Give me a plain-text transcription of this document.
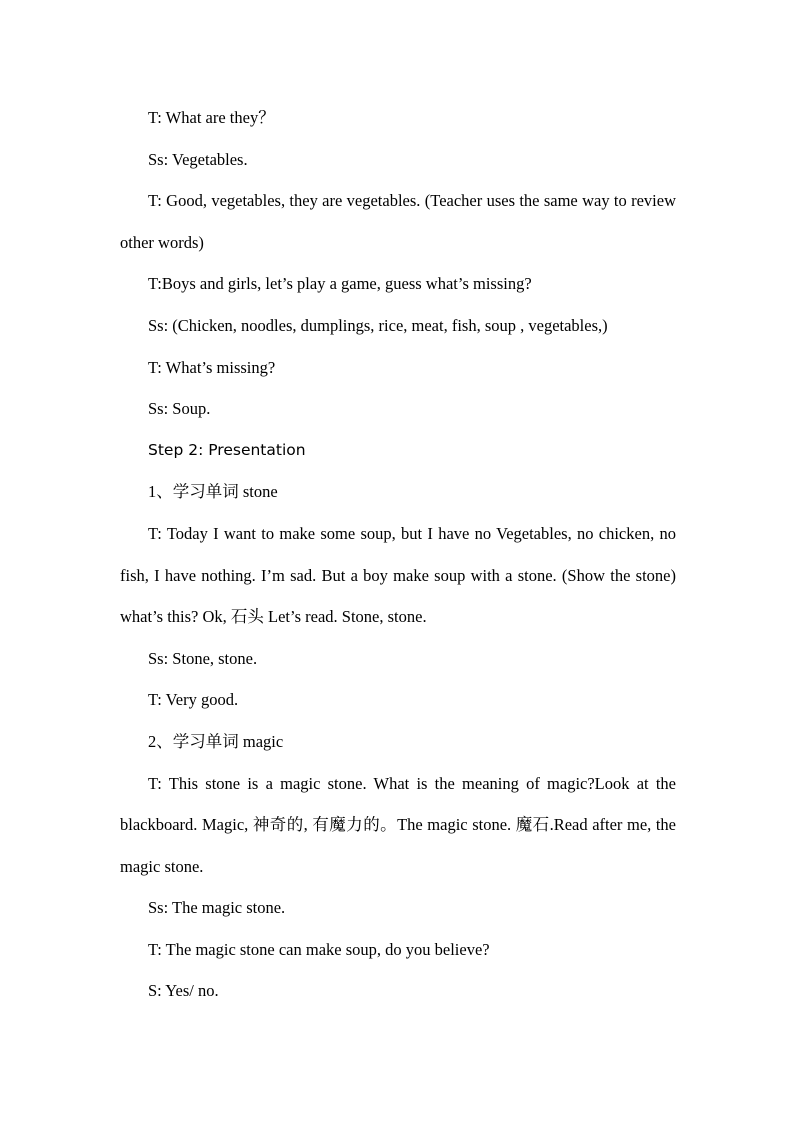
T: What are they？

Ss: Vegetables.

T: Good, vegetables, they are vegetables. (Teacher uses the same way to review other words)

T:Boys and girls, let’s play a game, guess what’s missing?

Ss: (Chicken, noodles, dumplings, rice, meat, fish, soup , vegetables,)

T: What’s missing?

Ss: Soup.

Step 2: Presentation

1、学习单词 stone

T: Today I want to make some soup, but I have no Vegetables, no chicken, no fish, I have nothing. I’m sad. But a boy make soup with a stone. (Show the stone) what’s this? Ok, 石头 Let’s read. Stone, stone.

Ss: Stone, stone.

T: Very good.

2、学习单词 magic

T: This stone is a magic stone. What is the meaning of magic?Look at the blackboard. Magic, 神奇的, 有魔力的。The magic stone. 魔石.Read after me, the magic stone.

Ss: The magic stone.

T: The magic stone can make soup, do you believe?

S: Yes/ no.
